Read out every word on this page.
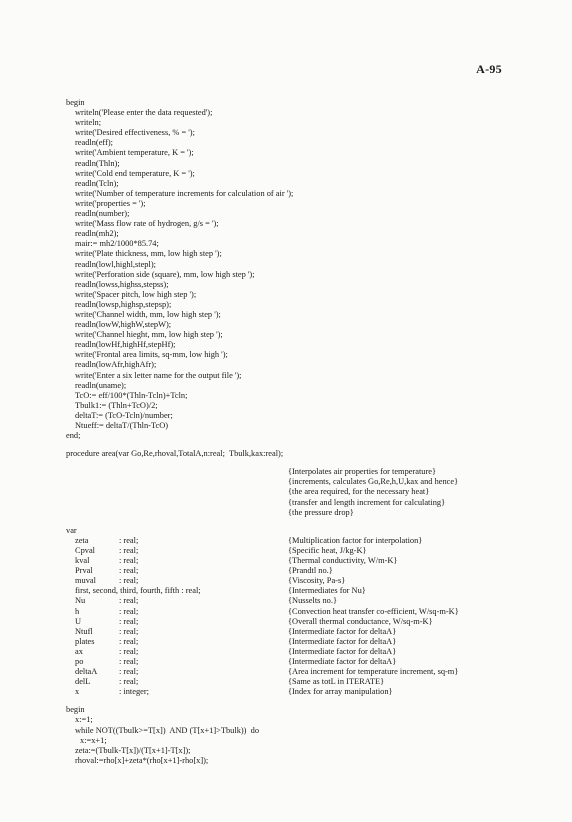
A-95
begin
writeln('Please enter the data requested');
writeln;
write('Desired effectiveness, % = ');
readln(eff);
write('Ambient temperature, K = ');
readln(Thln);
write('Cold end temperature, K = ');
readln(Tcln);
write('Number of temperature increments for calculation of air ');
write('properties = ');
readln(number);
write('Mass flow rate of hydrogen, g/s = ');
readln(mh2);
mair:= mh2/1000*85.74;
write('Plate thickness, mm, low high step ');
readln(lowl,highl,stepl);
write('Perforation side (square), mm, low high step ');
readln(lowss,highss,stepss);
write('Spacer pitch, low high step ');
readln(lowsp,highsp,stepsp);
write('Channel width, mm, low high step ');
readln(lowW,highW,stepW);
write('Channel hieght, mm, low high step ');
readln(lowHf,highHf,stepHf);
write('Frontal area limits, sq-mm, low high ');
readln(lowAfr,highAfr);
write('Enter a six letter name for the output file ');
readln(uname);
TcO:= eff/100*(Thln-Tcln)+Tcln;
Tbulk1:= (Thln+TcO)/2;
deltaT:= (TcO-Tcln)/number;
Ntueff:= deltaT/(Thln-TcO)
end;
procedure area(var Go,Re,rhoval,TotalA,n:real;  Tbulk,kax:real);
{Interpolates air properties for temperature}
{increments, calculates Go,Re,h,U,kax and hence}
{the area required, for the necessary heat}
{transfer and length increment for calculating}
{the pressure drop}
var
zeta	: real;	{Multiplication factor for interpolation}
Cpval	: real;	{Specific heat, J/kg-K}
kval	: real;	{Thermal conductivity, W/m-K}
Prval	: real;	{Prandtl no.}
muval	: real;	{Viscosity, Pa-s}
first, second, third, fourth, fifth : real;	{Intermediates for Nu}
Nu	: real;	{Nusselts no.}
h	: real;	{Convection heat transfer co-efficient, W/sq-m-K}
U	: real;	{Overall thermal conductance, W/sq-m-K}
Ntufl	: real;	{Intermediate factor for deltaA}
plates	: real;	{Intermediate factor for deltaA}
ax	: real;	{Intermediate factor for deltaA}
po	: real;	{Intermediate factor for deltaA}
deltaA	: real;	{Area increment for temperature increment, sq-m}
delL	: real;	{Same as totL in ITERATE}
x	: integer;	{Index for array manipulation}
begin
x:=1;
while NOT((Tbulk>=T[x])  AND (T[x+1]>Tbulk))  do
x:=x+1;
zeta:=(Tbulk-T[x])/(T[x+1]-T[x]);
rhoval:=rho[x]+zeta*(rho[x+1]-rho[x]);
